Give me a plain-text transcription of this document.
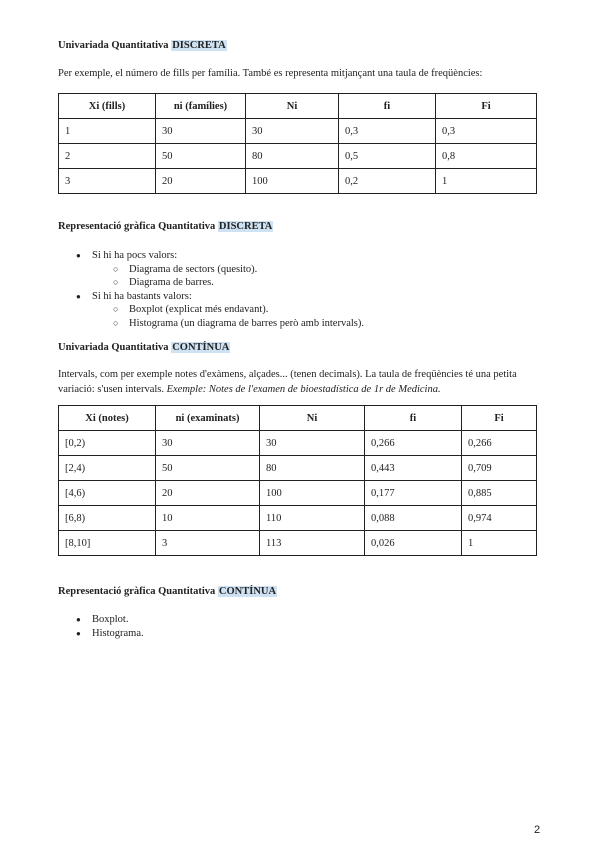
Univariada Quantitativa DISCRETA
Per exemple, el número de fills per família. També es representa mitjançant una taula de freqüències:
Xi (fills)	ni (famílies)	Ni	fi	Fi
1	30	30	0,3	0,3
2	50	80	0,5	0,8
3	20	100	0,2	1
Representació gràfica Quantitativa DISCRETA
● Si hi ha pocs valors:
○ Diagrama de sectors (quesito).
○ Diagrama de barres.
● Si hi ha bastants valors:
○ Boxplot (explicat més endavant).
○ Histograma (un diagrama de barres però amb intervals).
Univariada Quantitativa CONTÍNUA
Intervals, com per exemple notes d'exàmens, alçades... (tenen decimals). La taula de freqüències té una petita variació: s'usen intervals. Exemple: Notes de l'examen de bioestadística de 1r de Medicina.
Xi (notes)	ni (examinats)	Ni	fi	Fi
[0,2)	30	30	0,266	0,266
[2,4)	50	80	0,443	0,709
[4,6)	20	100	0,177	0,885
[6,8)	10	110	0,088	0,974
[8,10]	3	113	0,026	1
Representació gràfica Quantitativa CONTÍNUA
● Boxplot.
● Histograma.
2
